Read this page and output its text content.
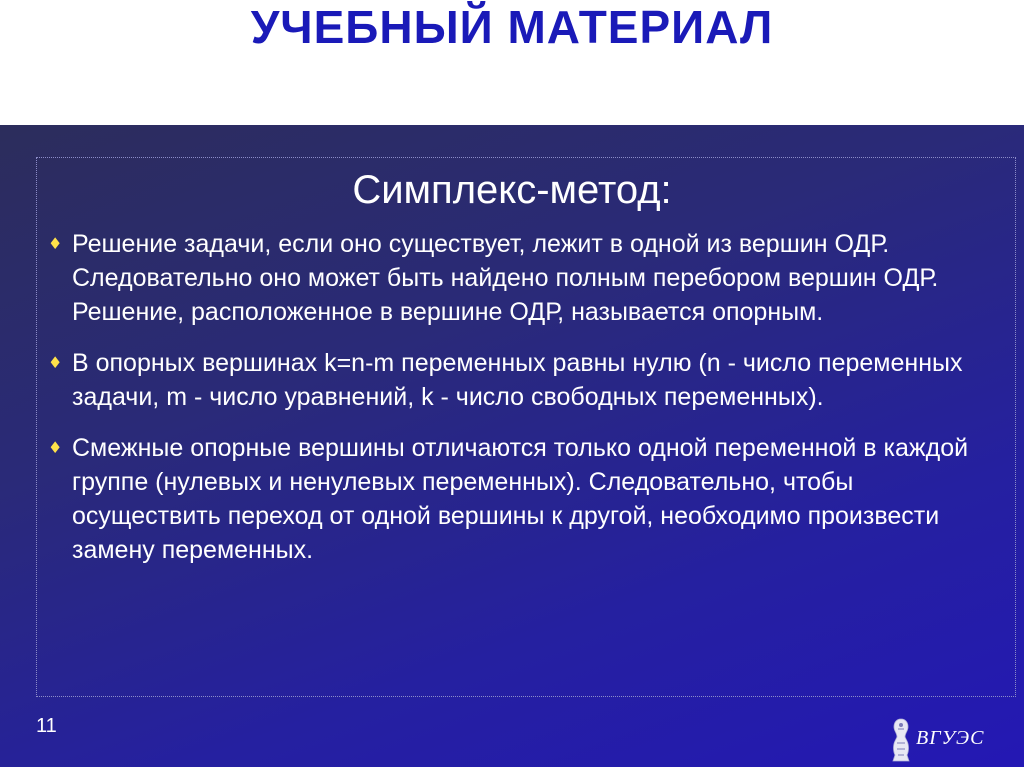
УЧЕБНЫЙ МАТЕРИАЛ
Симплекс-метод:
♦ Решение задачи, если оно существует, лежит в одной из вершин ОДР. Следовательно оно может быть найдено полным перебором вершин ОДР. Решение, расположенное в вершине ОДР, называется опорным.
♦ В опорных вершинах k=n-m переменных равны нулю (n - число переменных задачи, m - число уравнений, k - число свободных переменных).
♦ Смежные опорные вершины отличаются только одной переменной в каждой группе (нулевых и ненулевых переменных). Следовательно, чтобы осуществить переход от одной вершины к другой, необходимо произвести замену переменных.
11
ВГУЭС
